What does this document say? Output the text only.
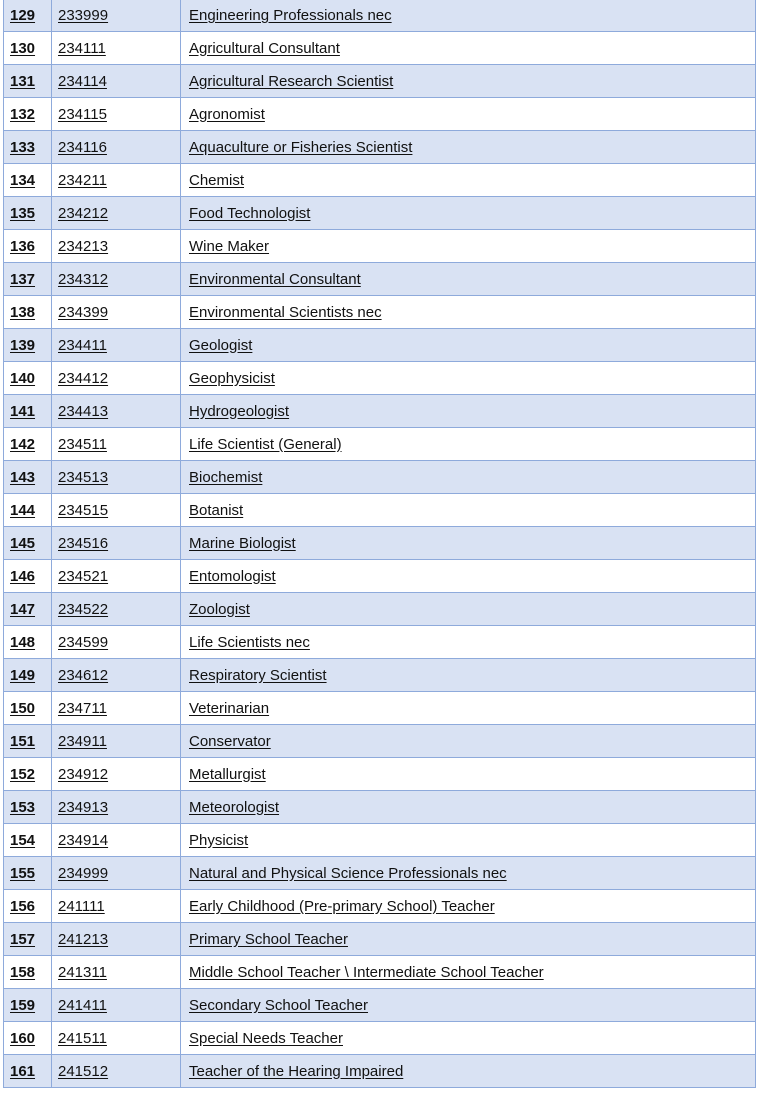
129	233999	Engineering Professionals nec
130	234111	Agricultural Consultant
131	234114	Agricultural Research Scientist
132	234115	Agronomist
133	234116	Aquaculture or Fisheries Scientist
134	234211	Chemist
135	234212	Food Technologist
136	234213	Wine Maker
137	234312	Environmental Consultant
138	234399	Environmental Scientists nec
139	234411	Geologist
140	234412	Geophysicist
141	234413	Hydrogeologist
142	234511	Life Scientist (General)
143	234513	Biochemist
144	234515	Botanist
145	234516	Marine Biologist
146	234521	Entomologist
147	234522	Zoologist
148	234599	Life Scientists nec
149	234612	Respiratory Scientist
150	234711	Veterinarian
151	234911	Conservator
152	234912	Metallurgist
153	234913	Meteorologist
154	234914	Physicist
155	234999	Natural and Physical Science Professionals nec
156	241111	Early Childhood (Pre-primary School) Teacher
157	241213	Primary School Teacher
158	241311	Middle School Teacher \ Intermediate School Teacher
159	241411	Secondary School Teacher
160	241511	Special Needs Teacher
161	241512	Teacher of the Hearing Impaired
